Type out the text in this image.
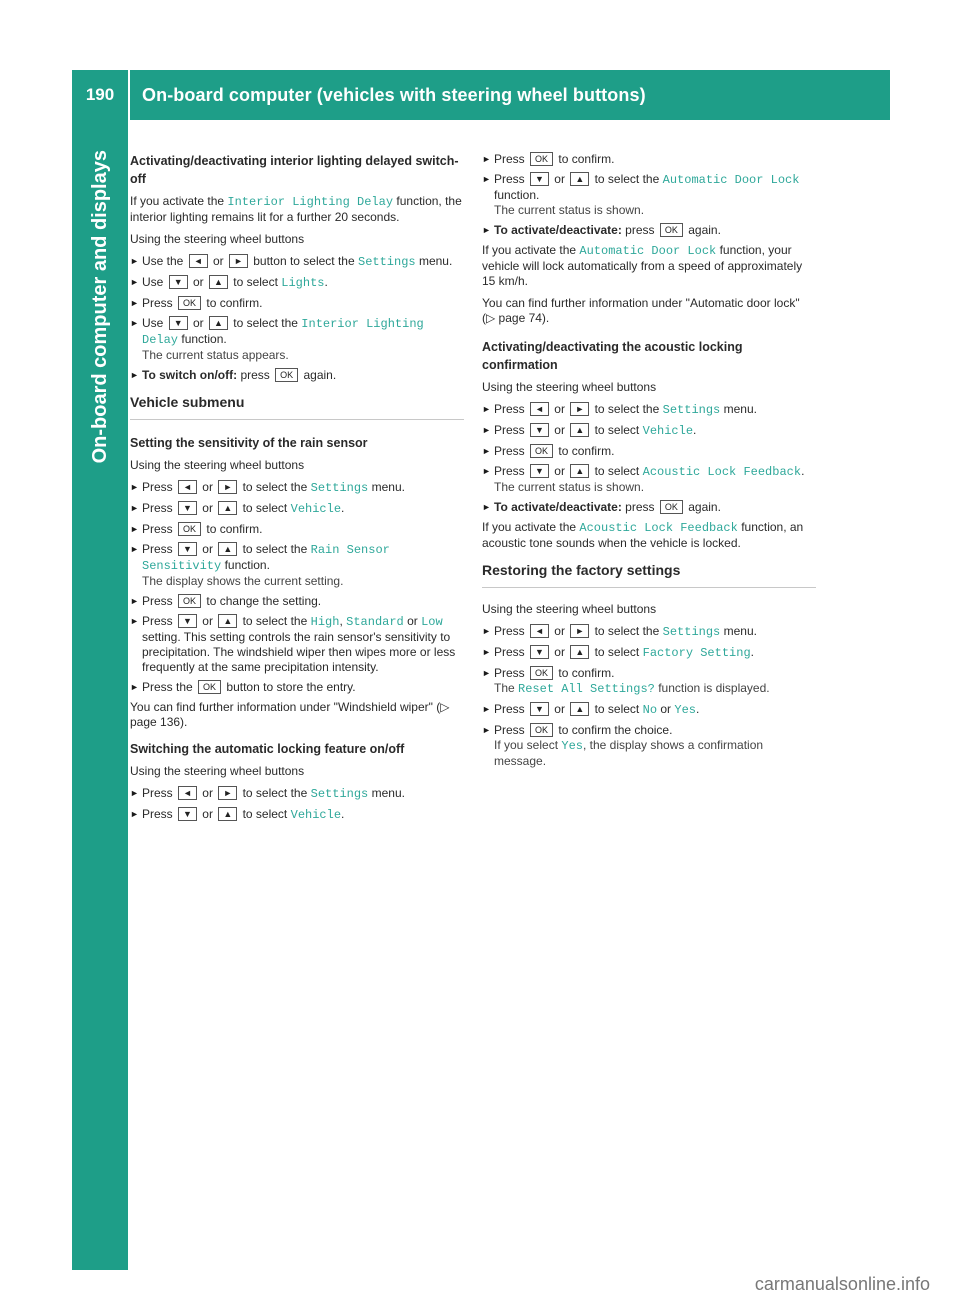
190	On-board computer (vehicles with steering wheel buttons)
On-board computer and displays Activating/deactivating interior lighting delayed switch-off
If you activate the Interior Lighting Delay function, the interior lighting remains lit for a further 20 seconds.
Using the steering wheel buttons
► Use the ◄ or ► button to select the Settings menu.
► Use ▼ or ▲ to select Lights.
► Press OK to confirm.
► Use ▼ or ▲ to select the Interior Lighting Delay function.
The current status appears.
► To switch on/off: press OK again.
Vehicle submenu
Setting the sensitivity of the rain sensor
Using the steering wheel buttons
► Press ◄ or ► to select the Settings menu.
► Press ▼ or ▲ to select Vehicle.
► Press OK to confirm.
► Press ▼ or ▲ to select the Rain Sensor Sensitivity function.
The display shows the current setting.
► Press OK to change the setting.
► Press ▼ or ▲ to select the High, Standard or Low setting. This setting controls the rain sensor's sensitivity to precipitation. The windshield wiper then wipes more or less frequently at the same precipitation intensity.
► Press the OK button to store the entry.
You can find further information under "Windshield wiper" (▷ page 136).
Switching the automatic locking feature on/off
Using the steering wheel buttons
► Press ◄ or ► to select the Settings menu.
► Press ▼ or ▲ to select Vehicle.
► Press OK to confirm.
► Press ▼ or ▲ to select the Automatic Door Lock function.
The current status is shown.
► To activate/deactivate: press OK again.
If you activate the Automatic Door Lock function, your vehicle will lock automatically from a speed of approximately 15 km/h.
You can find further information under "Automatic door lock" (▷ page 74).
Activating/deactivating the acoustic locking confirmation
Using the steering wheel buttons
► Press ◄ or ► to select the Settings menu.
► Press ▼ or ▲ to select Vehicle.
► Press OK to confirm.
► Press ▼ or ▲ to select Acoustic Lock Feedback.
The current status is shown.
► To activate/deactivate: press OK again.
If you activate the Acoustic Lock Feedback function, an acoustic tone sounds when the vehicle is locked.
Restoring the factory settings
Using the steering wheel buttons
► Press ◄ or ► to select the Settings menu.
► Press ▼ or ▲ to select Factory Setting.
► Press OK to confirm.
The Reset All Settings? function is displayed.
► Press ▼ or ▲ to select No or Yes.
► Press OK to confirm the choice.
If you select Yes, the display shows a confirmation message.
carmanualsonline.info
